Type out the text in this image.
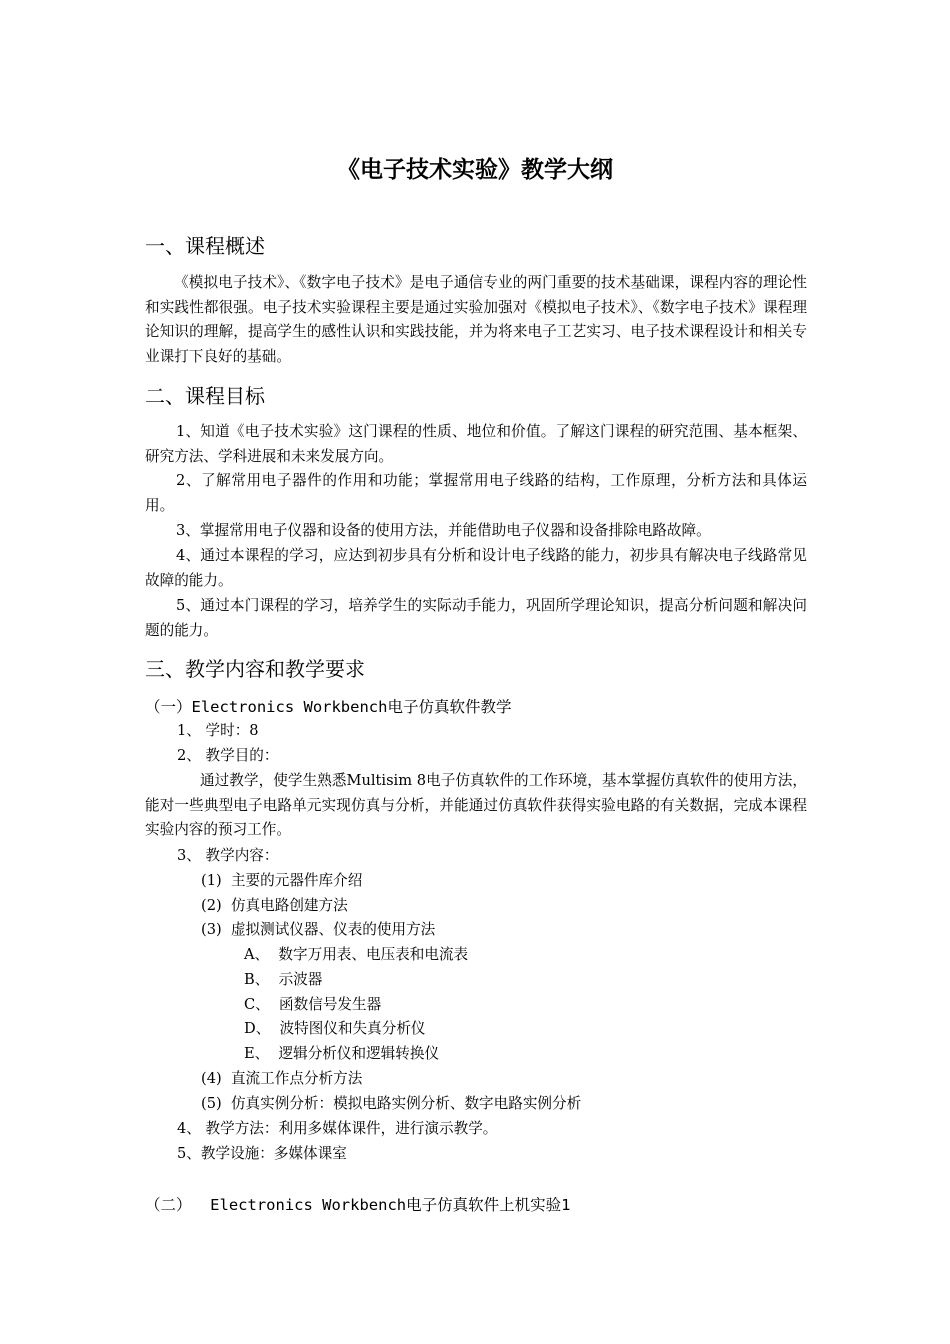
《电子技术实验》教学大纲
一、课程概述
《模拟电子技术》、《数字电子技术》是电子通信专业的两门重要的技术基础课，课程内容的理论性和实践性都很强。电子技术实验课程主要是通过实验加强对《模拟电子技术》、《数字电子技术》课程理论知识的理解，提高学生的感性认识和实践技能，并为将来电子工艺实习、电子技术课程设计和相关专业课打下良好的基础。
二、课程目标
1、知道《电子技术实验》这门课程的性质、地位和价值。了解这门课程的研究范围、基本框架、研究方法、学科进展和未来发展方向。
2、了解常用电子器件的作用和功能；掌握常用电子线路的结构，工作原理，分析方法和具体运用。
3、掌握常用电子仪器和设备的使用方法，并能借助电子仪器和设备排除电路故障。
4、通过本课程的学习，应达到初步具有分析和设计电子线路的能力，初步具有解决电子线路常见故障的能力。
5、通过本门课程的学习，培养学生的实际动手能力，巩固所学理论知识，提高分析问题和解决问题的能力。
三、教学内容和教学要求
（一）Electronics Workbench电子仿真软件教学
1、 学时：8
2、 教学目的：
通过教学，使学生熟悉Multisim 8电子仿真软件的工作环境，基本掌握仿真软件的使用方法，能对一些典型电子电路单元实现仿真与分析，并能通过仿真软件获得实验电路的有关数据，完成本课程实验内容的预习工作。
3、 教学内容：
(1)  主要的元器件库介绍
(2)  仿真电路创建方法
(3)  虚拟测试仪器、仪表的使用方法
A、  数字万用表、电压表和电流表
B、  示波器
C、  函数信号发生器
D、  波特图仪和失真分析仪
E、  逻辑分析仪和逻辑转换仪
(4)  直流工作点分析方法
(5)  仿真实例分析：模拟电路实例分析、数字电路实例分析
4、 教学方法：利用多媒体课件，进行演示教学。
5、教学设施：多媒体课室
（二）  Electronics Workbench电子仿真软件上机实验1
